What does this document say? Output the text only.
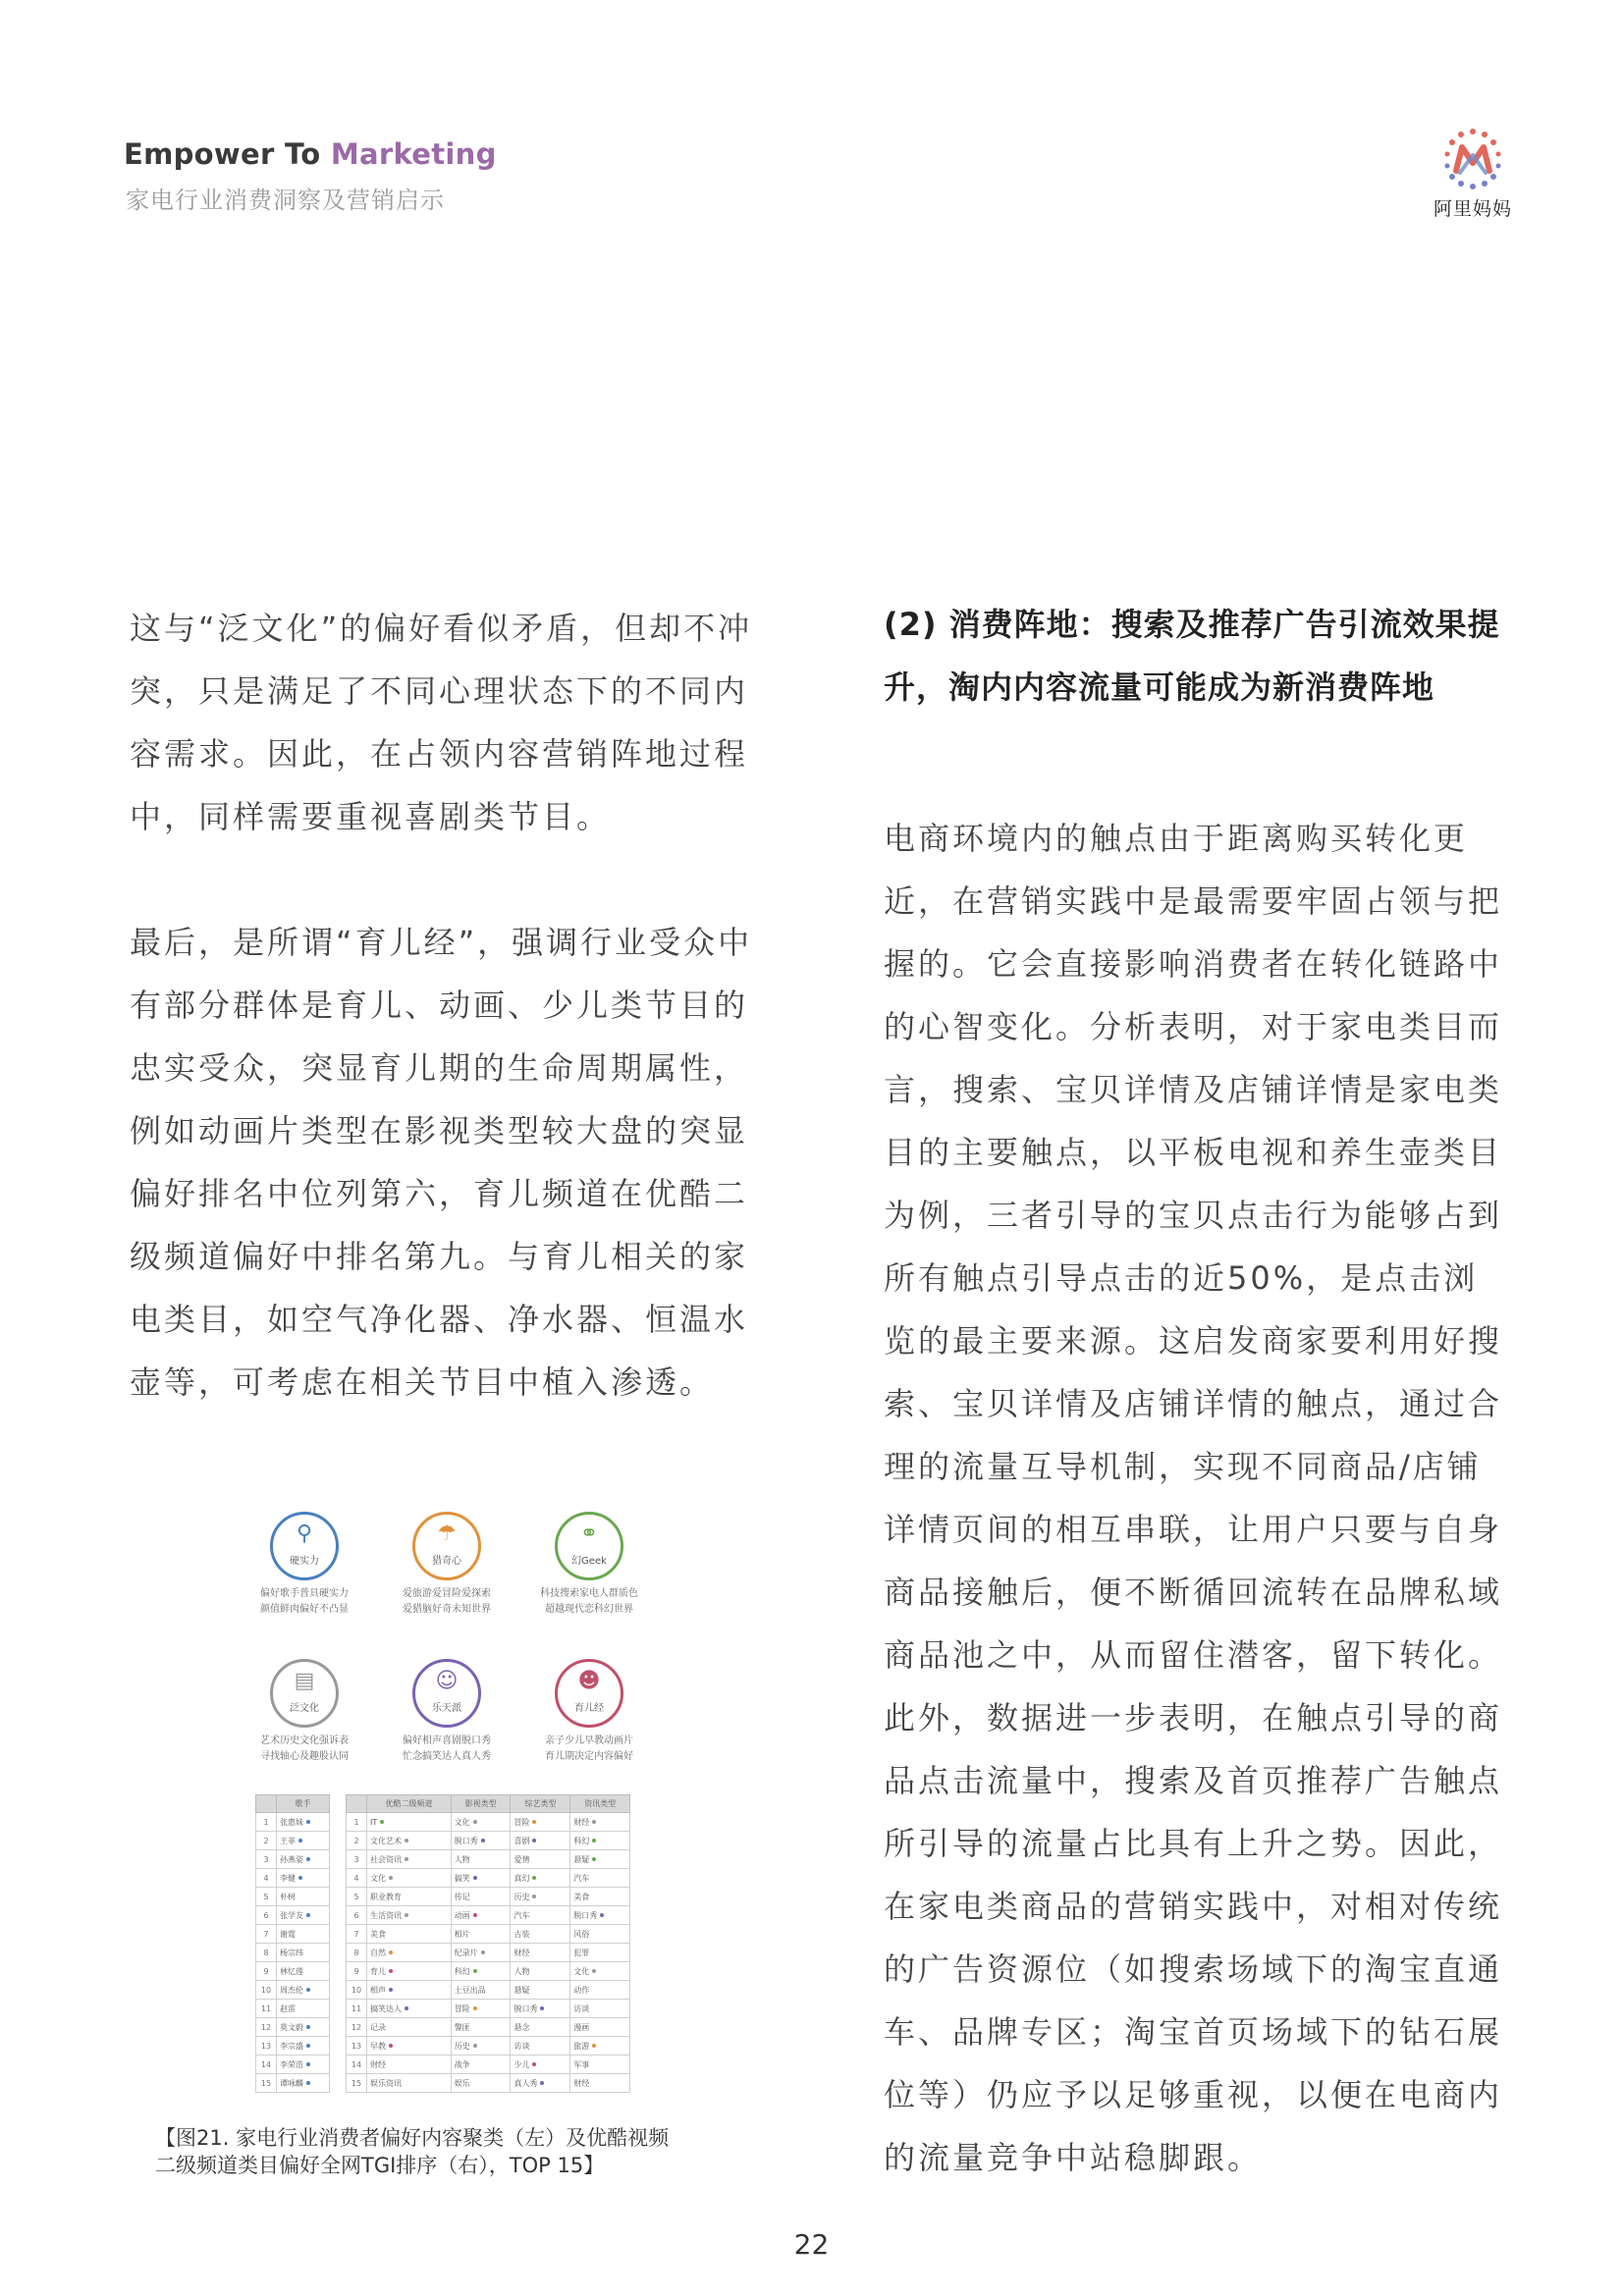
Empower To Marketing
家电行业消费洞察及营销启示	阿里妈妈

这与“泛文化”的偏好看似矛盾，但却不冲突，只是满足了不同心理状态下的不同内容需求。因此，在占领内容营销阵地过程中，同样需要重视喜剧类节目。

最后，是所谓“育儿经”，强调行业受众中有部分群体是育儿、动画、少儿类节目的忠实受众，突显育儿期的生命周期属性，例如动画片类型在影视类型较大盘的突显偏好排名中位列第六，育儿频道在优酷二级频道偏好中排名第九。与育儿相关的家电类目，如空气净化器、净水器、恒温水壶等，可考虑在相关节目中植入渗透。

(2) 消费阵地：搜索及推荐广告引流效果提升，淘内内容流量可能成为新消费阵地

电商环境内的触点由于距离购买转化更近，在营销实践中是最需要牢固占领与把握的。它会直接影响消费者在转化链路中的心智变化。分析表明，对于家电类目而言，搜索、宝贝详情及店铺详情是家电类目的主要触点，以平板电视和养生壶类目为例，三者引导的宝贝点击行为能够占到所有触点引导点击的近50%，是点击浏览的最主要来源。这启发商家要利用好搜索、宝贝详情及店铺详情的触点，通过合理的流量互导机制，实现不同商品/店铺详情页间的相互串联，让用户只要与自身商品接触后，便不断循回流转在品牌私域商品池之中，从而留住潜客，留下转化。此外，数据进一步表明，在触点引导的商品点击流量中，搜索及首页推荐广告触点所引导的流量占比具有上升之势。因此，在家电类商品的营销实践中，对相对传统的广告资源位（如搜索场域下的淘宝直通车、品牌专区；淘宝首页场域下的钻石展位等）仍应予以足够重视，以便在电商内的流量竞争中站稳脚跟。

⚲
硬实力
偏好歌手普具硬实力
颜值鲜肉偏好不凸显
☂
猎奇心
爱旅游爱冒险爱探索
爱猎脑好奇未知世界
⚭
幻Geek
科技搜索家电人群质色
超越现代恋科幻世界
▤
泛文化
艺术历史文化强诉表
寻找轴心及趣股认同
☺
乐天派
偏好相声喜剧脱口秀
忙念搞笑达人真人秀
☻
育儿经
亲子少儿早教动画片
育儿期决定内容偏好
	歌手
1	张惠妹
2	王菲
3	孙燕姿
4	李健
5	朴树
6	张学友
7	谢霆
8	杨宗纬
9	林忆莲
10	周杰伦
11	赵雷
12	莫文蔚
13	李宗盛
14	李荣浩
15	谭咏麟
	优酷二级频道	影视类型	综艺类型	资讯类型
1	IT	文化	冒险	财经
2	文化艺术	脱口秀	喜剧	科幻
3	社会资讯	人物	爱情	悬疑
4	文化	搞笑	真幻	汽车
5	职业教育	传记	历史	美食
6	生活资讯	动画	汽车	脱口秀
7	美食	相片	古装	风俗
8	自然	纪录片	财经	犯罪
9	育儿	科幻	人物	文化
10	相声	土豆出品	悬疑	动作
11	搞笑达人	冒险	脱口秀	访谈
12	记录	警匪	悬念	漫画
13	早教	历史	访谈	旅游
14	财经	战争	少儿	军事
15	娱乐资讯	娱乐	真人秀	财经
【图21. 家电行业消费者偏好内容聚类（左）及优酷视频
二级频道类目偏好全网TGI排序（右），TOP 15】
22
